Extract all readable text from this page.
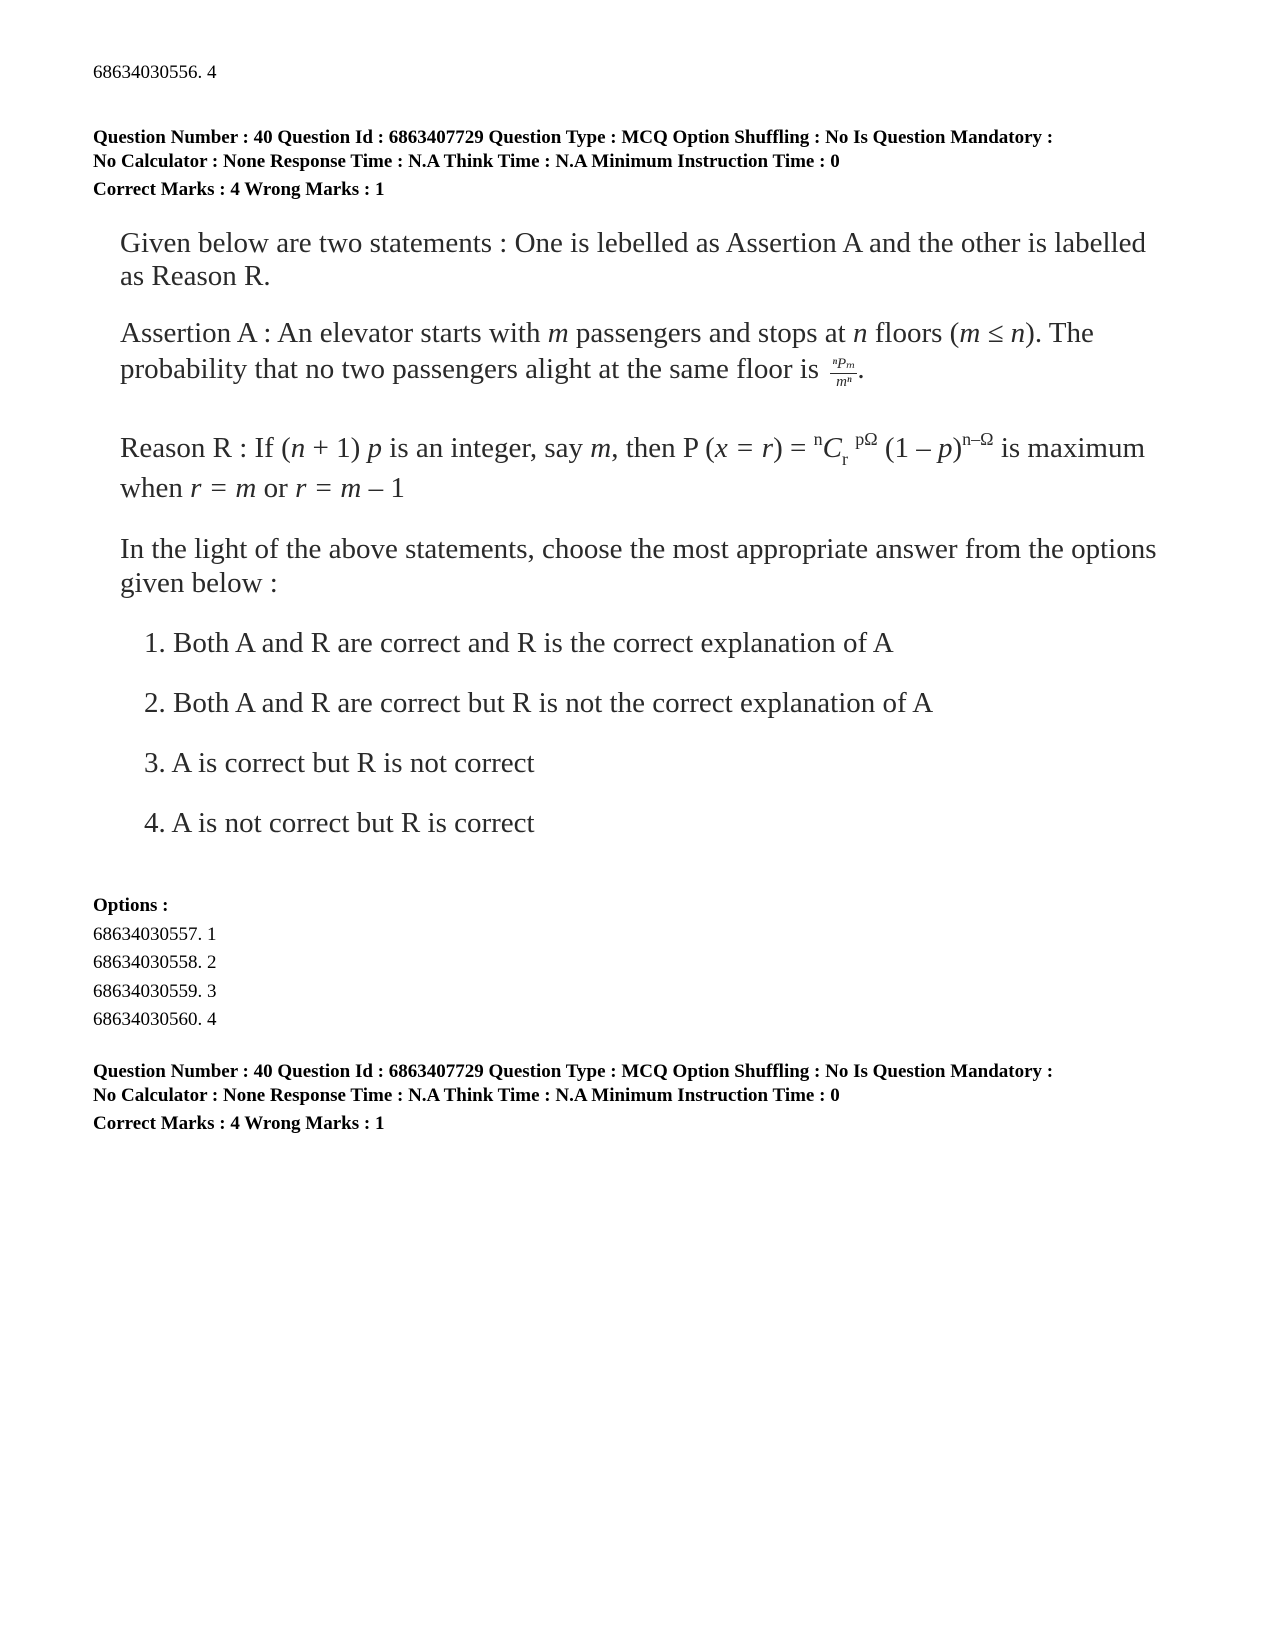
68634030556. 4
Question Number : 40 Question Id : 6863407729 Question Type : MCQ Option Shuffling : No Is Question Mandatory :
No Calculator : None Response Time : N.A Think Time : N.A Minimum Instruction Time : 0
Correct Marks : 4 Wrong Marks : 1
Given below are two statements : One is lebelled as Assertion A and the other is labelled
as Reason R.
Assertion A : An elevator starts with m passengers and stops at n floors (m ≤ n). The
probability that no two passengers alight at the same floor is $\frac{\text{ⁿPₘ}}{\text{mⁿ}}$ .
Reason R : If (n + 1) p is an integer, say m, then P $(x = r) = ^nC_r$ $^{p\Omega}$ (1 – p)$^{n-\Omega}$ is maximum
when r = m or r = m – 1
In the light of the above statements, choose the most appropriate answer from the options
given below :
1. Both A and R are correct and R is the correct explanation of A
2. Both A and R are correct but R is not the correct explanation of A
3. A is correct but R is not correct
4. A is not correct but R is correct
Options :
68634030557. 1
68634030558. 2
68634030559. 3
68634030560. 4
Question Number : 40 Question Id : 6863407729 Question Type : MCQ Option Shuffling : No Is Question Mandatory :
No Calculator : None Response Time : N.A Think Time : N.A Minimum Instruction Time : 0
Correct Marks : 4 Wrong Marks : 1
